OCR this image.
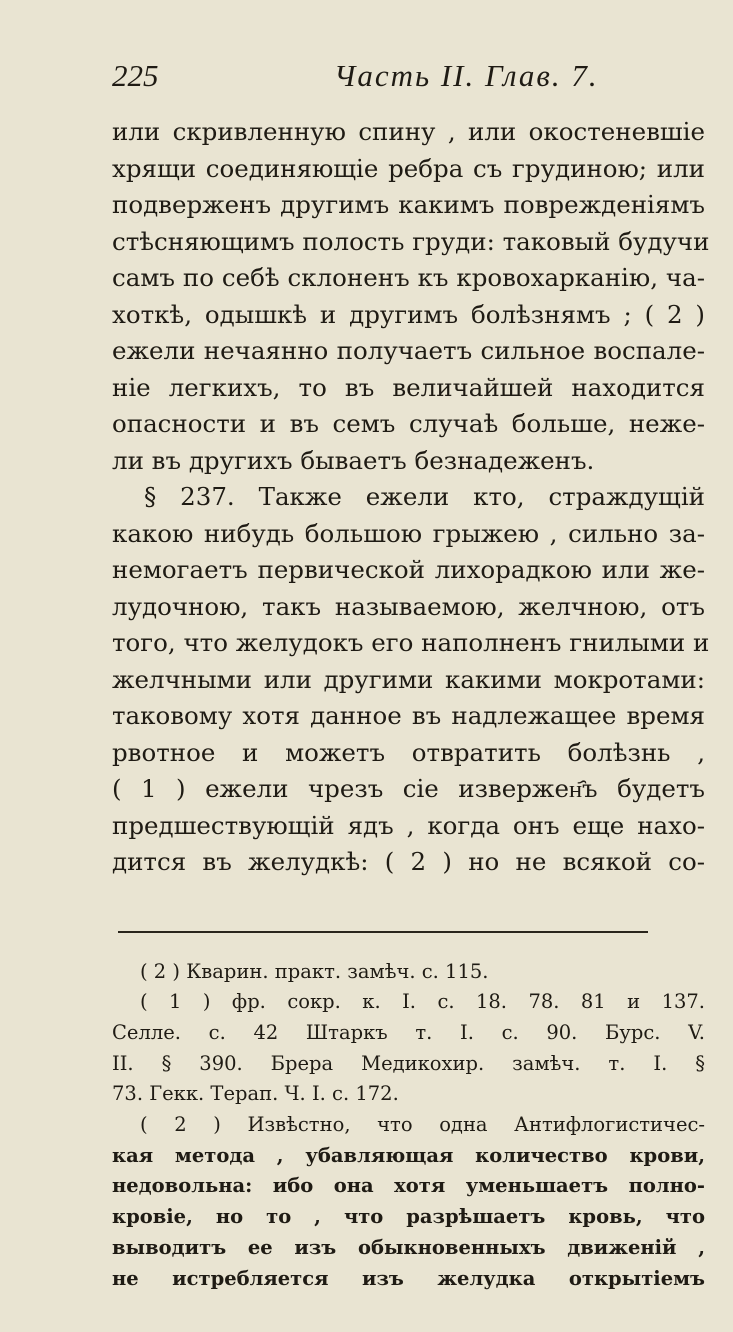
225	Часть II. Глав. 7.
или скривленную спину , или окостеневшіе
хрящи соединяющіе ребра съ грудиною; или
подверженъ другимъ какимъ поврежденіямъ
стѣсняющимъ полость груди: таковый будучи
самъ по себѣ склоненъ къ кровохарканію, ча-
хоткѣ, одышкѣ и другимъ болѣзнямъ ; ( 2 )
ежели нечаянно получаетъ сильное воспале-
ніе легкихъ, то въ величайшей находится
опасности и въ семъ случаѣ больше, нежe-
ли въ другихъ бываетъ безнадеженъ.
§ 237. Также ежели кто, страждущій
какою нибудь большою грыжею , сильно за-
немогаетъ первической лихорадкою или же-
лудочною, такъ называемою, желчною, отъ
того, что желудокъ его наполненъ гнилыми и
желчными или другими какими мокротами:
таковому хотя данное въ надлежащее время
рвотное и можетъ отвратить болѣзнь ,
( 1 ) ежели чрезъ сіе извержен҄ъ будетъ
предшествующій ядъ , когда онъ еще нахо-
дится въ желудкѣ: ( 2 ) но не всякой со-
( 2 ) Кварин. практ. замѣч. с. 115.
( 1 ) фр. сокр. к. I. с. 18. 78. 81 и 137.
Селле. с. 42 Штаркъ т. I. с. 90. Бурс. V.
II. § 390. Брера Медикохир. замѣч. т. I. §
73. Гекк. Терап. Ч. I. с. 172.
( 2 ) Извѣстно, что одна Антифлогистичес-
кая метода , убавляющая количество крови,
недовольна: ибо она хотя уменьшаетъ полно-
кровіе, но то , что разрѣшаетъ кровь, что
выводитъ ее изъ обыкновенныхъ движеній ,
не истребляется изъ желудка открытіемъ
